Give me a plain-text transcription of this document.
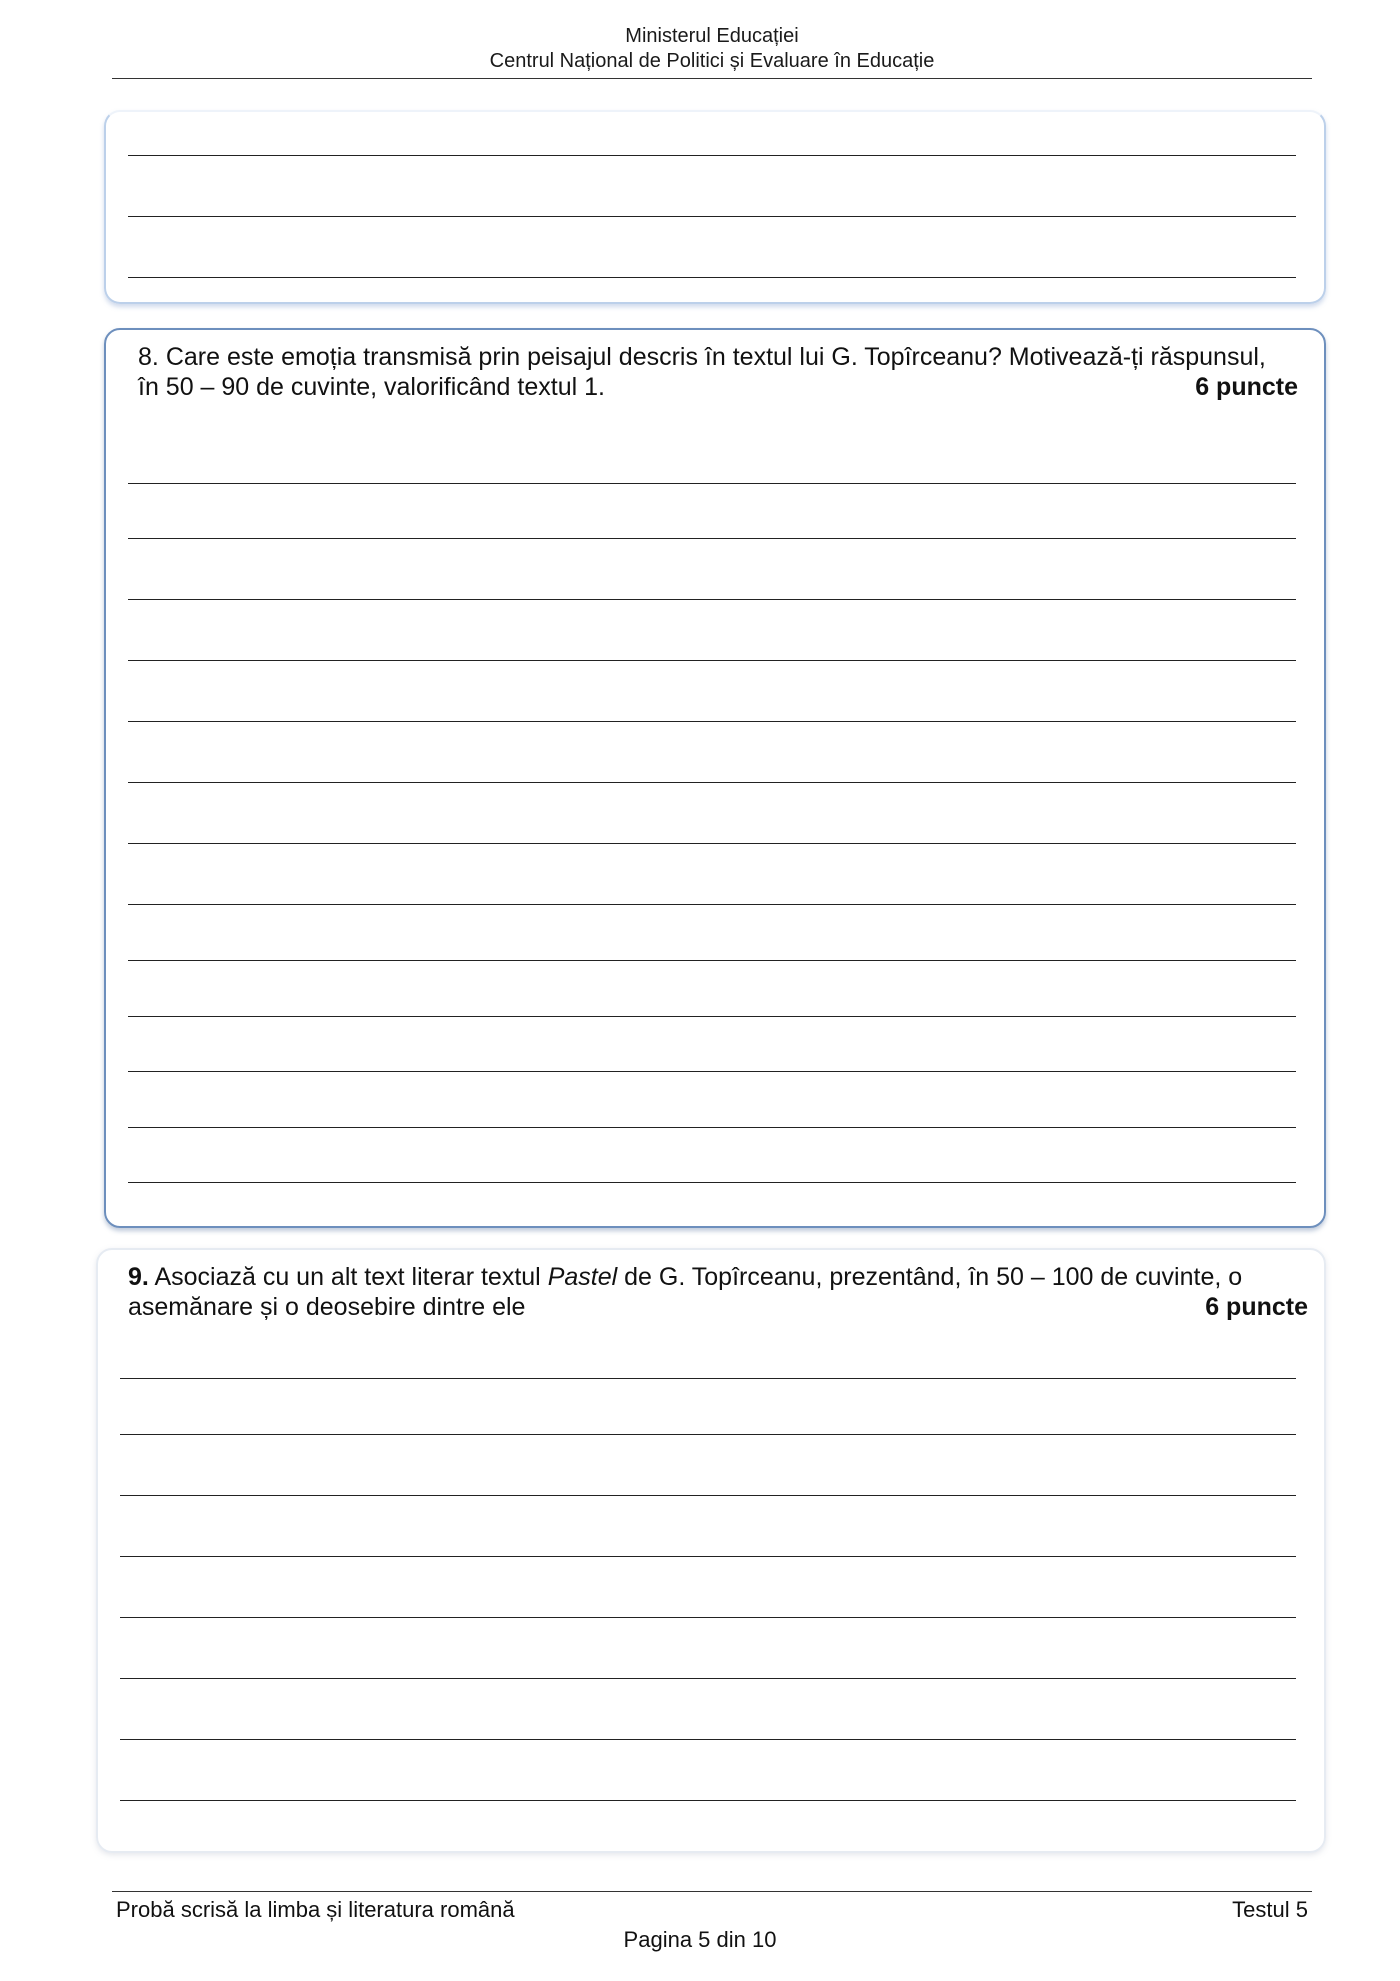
Ministerul Educației
Centrul Național de Politici și Evaluare în Educație
8. Care este emoția transmisă prin peisajul descris în textul lui G. Topîrceanu? Motivează-ți răspunsul,
în 50 – 90 de cuvinte, valorificând textul 1.	6 puncte
9. Asociază cu un alt text literar textul Pastel de G. Topîrceanu, prezentând, în 50 – 100 de cuvinte, o
asemănare și o deosebire dintre ele	6 puncte
Probă scrisă la limba și literatura română	Testul 5
Pagina 5 din 10
